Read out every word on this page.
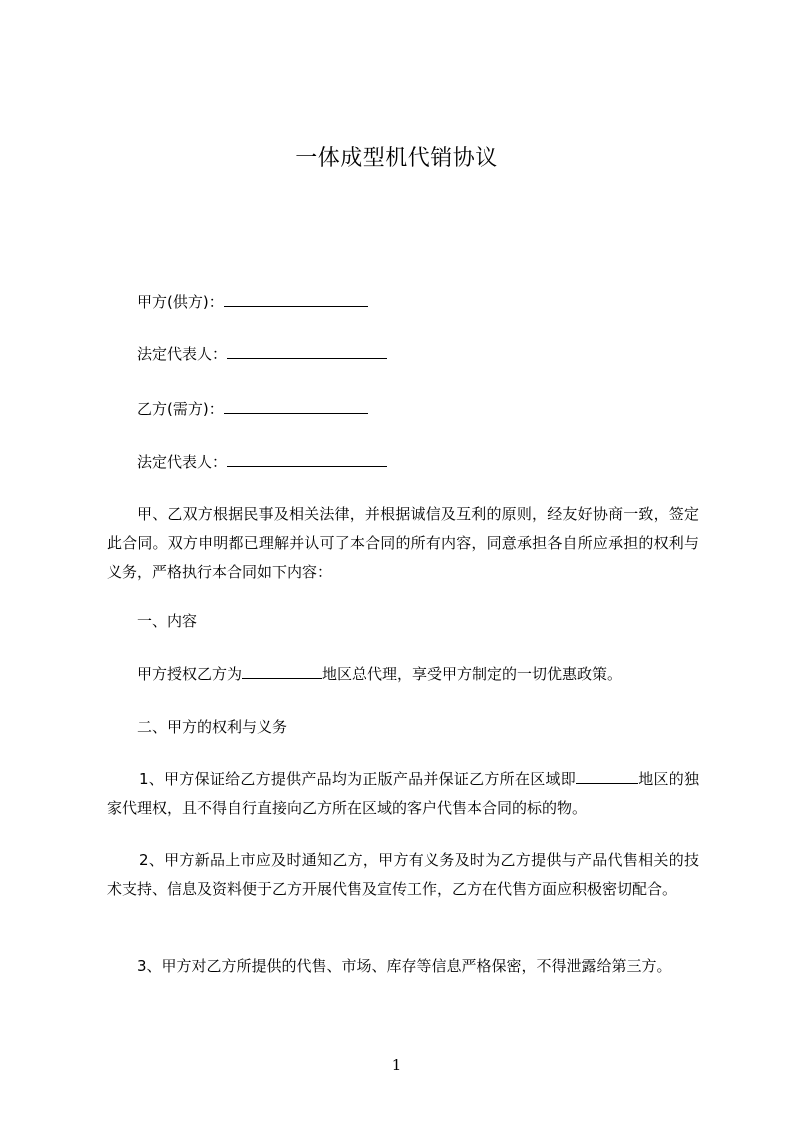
一体成型机代销协议
甲方(供方)：
法定代表人：
乙方(需方)：
法定代表人：
甲、乙双方根据民事及相关法律，并根据诚信及互利的原则，经友好协商一致，签定此合同。双方申明都已理解并认可了本合同的所有内容，同意承担各自所应承担的权利与义务，严格执行本合同如下内容：
一、内容
甲方授权乙方为	地区总代理，享受甲方制定的一切优惠政策。
二、甲方的权利与义务
1、甲方保证给乙方提供产品均为正版产品并保证乙方所在区域即	地区的独家代理权，且不得自行直接向乙方所在区域的客户代售本合同的标的物。
2、甲方新品上市应及时通知乙方，甲方有义务及时为乙方提供与产品代售相关的技术支持、信息及资料便于乙方开展代售及宣传工作，乙方在代售方面应积极密切配合。
3、甲方对乙方所提供的代售、市场、库存等信息严格保密，不得泄露给第三方。
1
